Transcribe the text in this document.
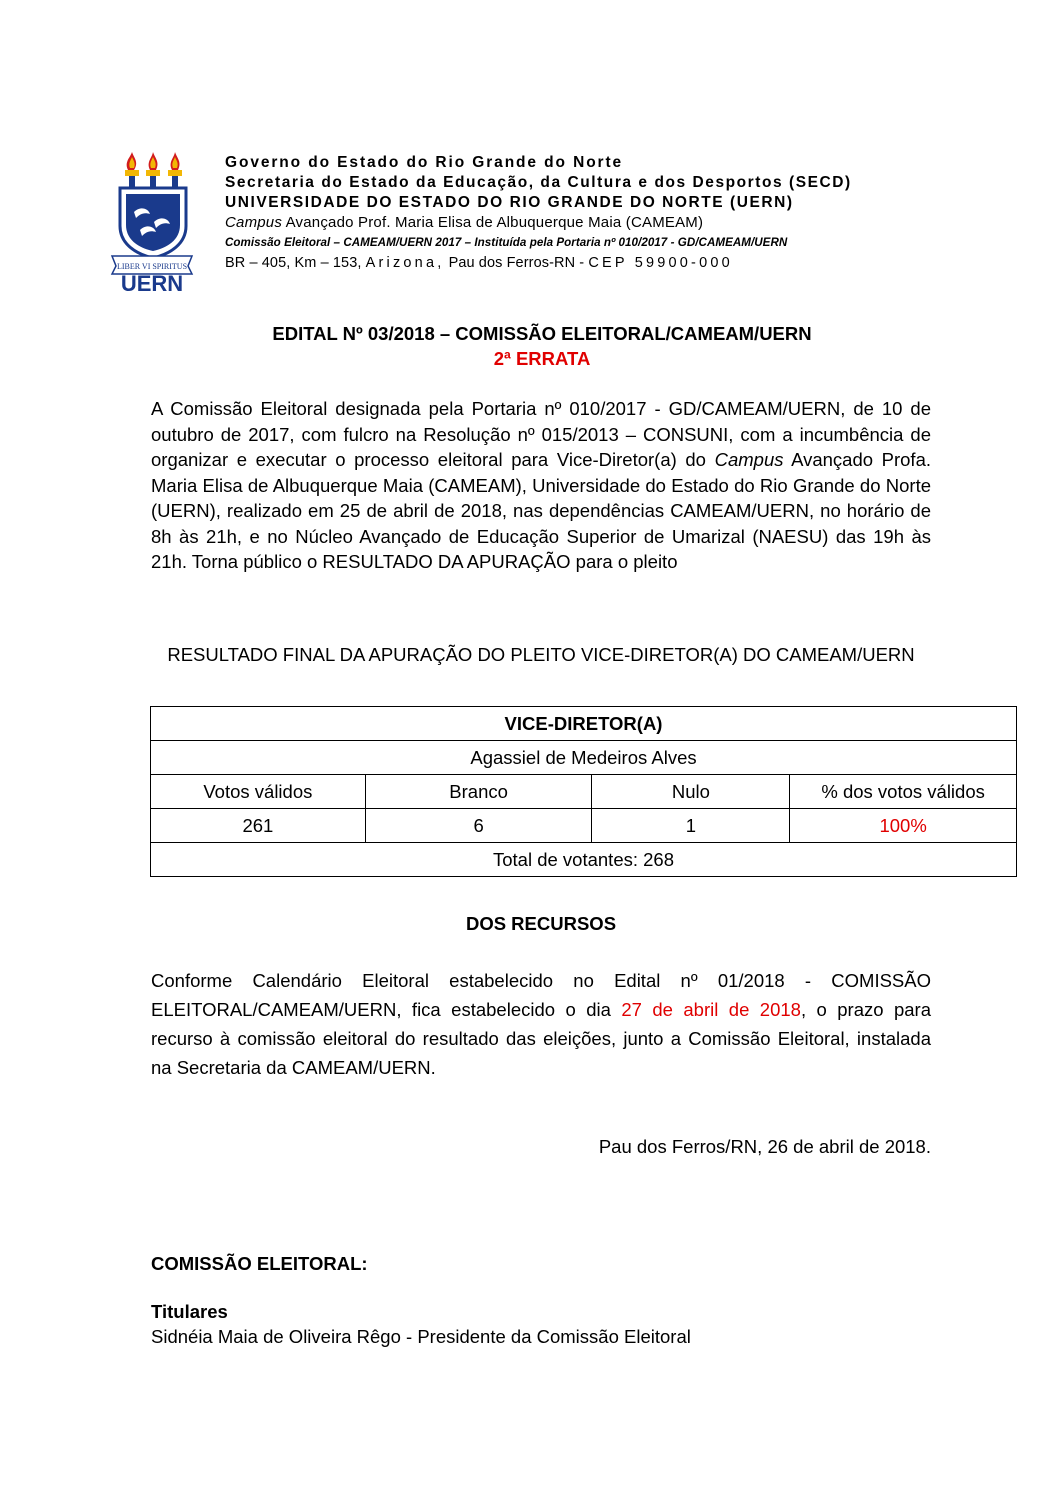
LIBER VI SPIRITUS
UERN
Governo do Estado do Rio Grande do Norte
Secretaria do Estado da Educação, da Cultura e dos Desportos (SECD)
UNIVERSIDADE DO ESTADO DO RIO GRANDE DO NORTE (UERN)
Campus Avançado Prof. Maria Elisa de Albuquerque Maia (CAMEAM)
Comissão Eleitoral – CAMEAM/UERN 2017 – Instituída pela Portaria nº 010/2017 - GD/CAMEAM/UERN
BR – 405, Km – 153, Arizona, Pau dos Ferros-RN - CEP 59900-000
EDITAL Nº 03/2018 – COMISSÃO ELEITORAL/CAMEAM/UERN
2ª ERRATA
A Comissão Eleitoral designada pela Portaria nº 010/2017 - GD/CAMEAM/UERN, de 10 de outubro de 2017, com fulcro na Resolução nº 015/2013 – CONSUNI, com a incumbência de organizar e executar o processo eleitoral para Vice-Diretor(a) do Campus Avançado Profa. Maria Elisa de Albuquerque Maia (CAMEAM), Universidade do Estado do Rio Grande do Norte (UERN), realizado em 25 de abril de 2018, nas dependências CAMEAM/UERN, no horário de 8h às 21h, e no Núcleo Avançado de Educação Superior de Umarizal (NAESU) das 19h às 21h. Torna público o RESULTADO DA APURAÇÃO para o pleito
RESULTADO FINAL DA APURAÇÃO DO PLEITO VICE-DIRETOR(A) DO CAMEAM/UERN
VICE-DIRETOR(A)			
Agassiel de Medeiros Alves			
Votos válidos	Branco	Nulo	% dos votos válidos
261	6	1	100%
Total de votantes: 268			
DOS RECURSOS
Conforme Calendário Eleitoral estabelecido no Edital nº 01/2018 - COMISSÃO ELEITORAL/CAMEAM/UERN, fica estabelecido o dia 27 de abril de 2018, o prazo para recurso à comissão eleitoral do resultado das eleições, junto a Comissão Eleitoral, instalada na Secretaria da CAMEAM/UERN.
Pau dos Ferros/RN, 26 de abril de 2018.
COMISSÃO ELEITORAL:
Titulares
Sidnéia Maia de Oliveira Rêgo - Presidente da Comissão Eleitoral
